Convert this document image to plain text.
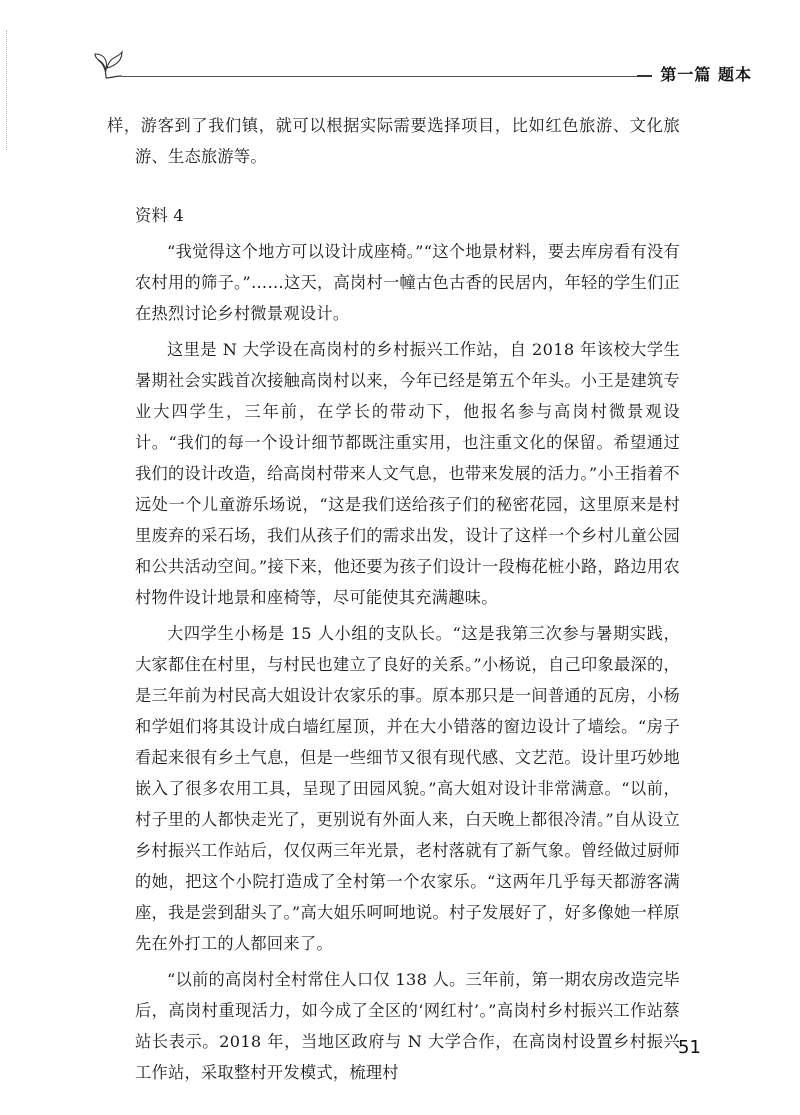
第一篇 题本

样，游客到了我们镇，就可以根据实际需要选择项目，比如红色旅游、文化旅游、生态旅游等。

资料 4

“我觉得这个地方可以设计成座椅。”“这个地景材料，要去库房看有没有农村用的筛子。”……这天，高岗村一幢古色古香的民居内，年轻的学生们正在热烈讨论乡村微景观设计。

这里是 N 大学设在高岗村的乡村振兴工作站，自 2018 年该校大学生暑期社会实践首次接触高岗村以来，今年已经是第五个年头。小王是建筑专业大四学生，三年前，在学长的带动下，他报名参与高岗村微景观设计。“我们的每一个设计细节都既注重实用，也注重文化的保留。希望通过我们的设计改造，给高岗村带来人文气息，也带来发展的活力。”小王指着不远处一个儿童游乐场说，“这是我们送给孩子们的秘密花园，这里原来是村里废弃的采石场，我们从孩子们的需求出发，设计了这样一个乡村儿童公园和公共活动空间。”接下来，他还要为孩子们设计一段梅花桩小路，路边用农村物件设计地景和座椅等，尽可能使其充满趣味。

大四学生小杨是 15 人小组的支队长。“这是我第三次参与暑期实践，大家都住在村里，与村民也建立了良好的关系。”小杨说，自己印象最深的，是三年前为村民高大姐设计农家乐的事。原本那只是一间普通的瓦房，小杨和学姐们将其设计成白墙红屋顶，并在大小错落的窗边设计了墙绘。“房子看起来很有乡土气息，但是一些细节又很有现代感、文艺范。设计里巧妙地嵌入了很多农用工具，呈现了田园风貌。”高大姐对设计非常满意。“以前，村子里的人都快走光了，更别说有外面人来，白天晚上都很冷清。”自从设立乡村振兴工作站后，仅仅两三年光景，老村落就有了新气象。曾经做过厨师的她，把这个小院打造成了全村第一个农家乐。“这两年几乎每天都游客满座，我是尝到甜头了。”高大姐乐呵呵地说。村子发展好了，好多像她一样原先在外打工的人都回来了。

“以前的高岗村全村常住人口仅 138 人。三年前，第一期农房改造完毕后，高岗村重现活力，如今成了全区的‘网红村’。”高岗村乡村振兴工作站蔡站长表示。2018 年，当地区政府与 N 大学合作，在高岗村设置乡村振兴工作站，采取整村开发模式，梳理村

51
